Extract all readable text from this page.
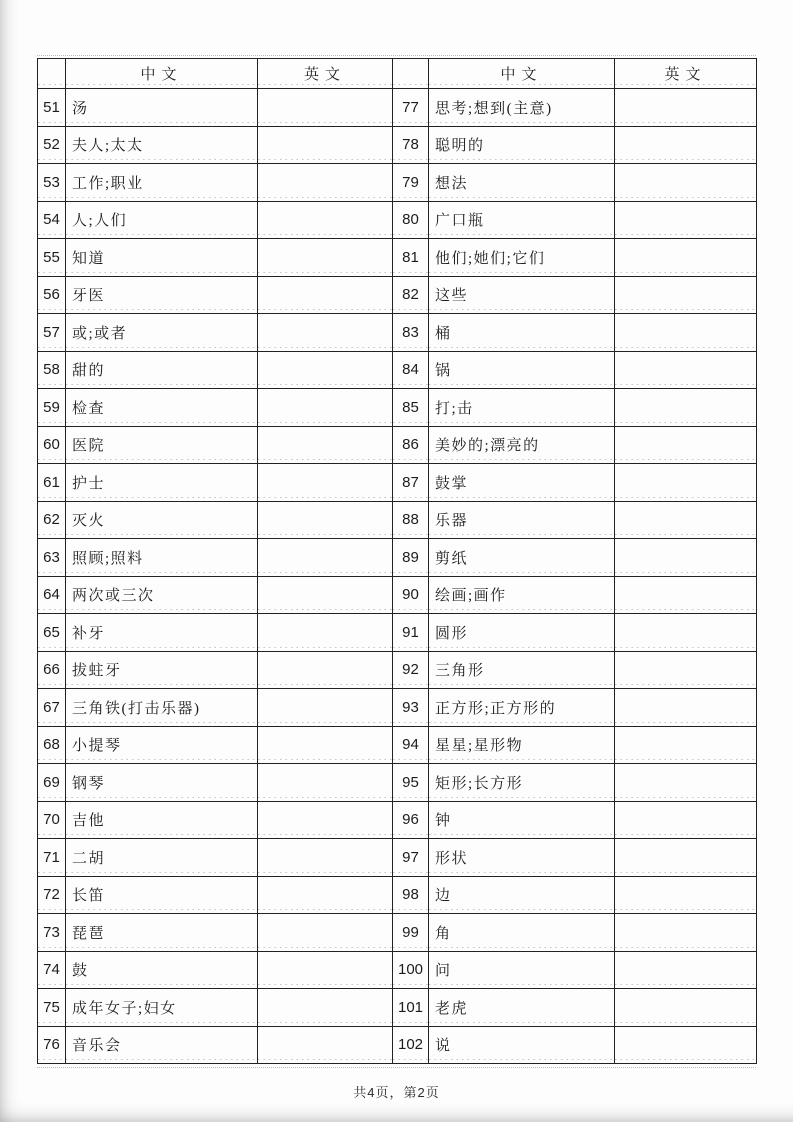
	中文	英文		中文	英文
51	汤		77	思考;想到(主意)	
52	夫人;太太		78	聪明的	
53	工作;职业		79	想法	
54	人;人们		80	广口瓶	
55	知道		81	他们;她们;它们	
56	牙医		82	这些	
57	或;或者		83	桶	
58	甜的		84	锅	
59	检查		85	打;击	
60	医院		86	美妙的;漂亮的	
61	护士		87	鼓掌	
62	灭火		88	乐器	
63	照顾;照料		89	剪纸	
64	两次或三次		90	绘画;画作	
65	补牙		91	圆形	
66	拔蛀牙		92	三角形	
67	三角铁(打击乐器)		93	正方形;正方形的	
68	小提琴		94	星星;星形物	
69	钢琴		95	矩形;长方形	
70	吉他		96	钟	
71	二胡		97	形状	
72	长笛		98	边	
73	琵琶		99	角	
74	鼓		100	问	
75	成年女子;妇女		101	老虎	
76	音乐会		102	说	
共4页，第2页
